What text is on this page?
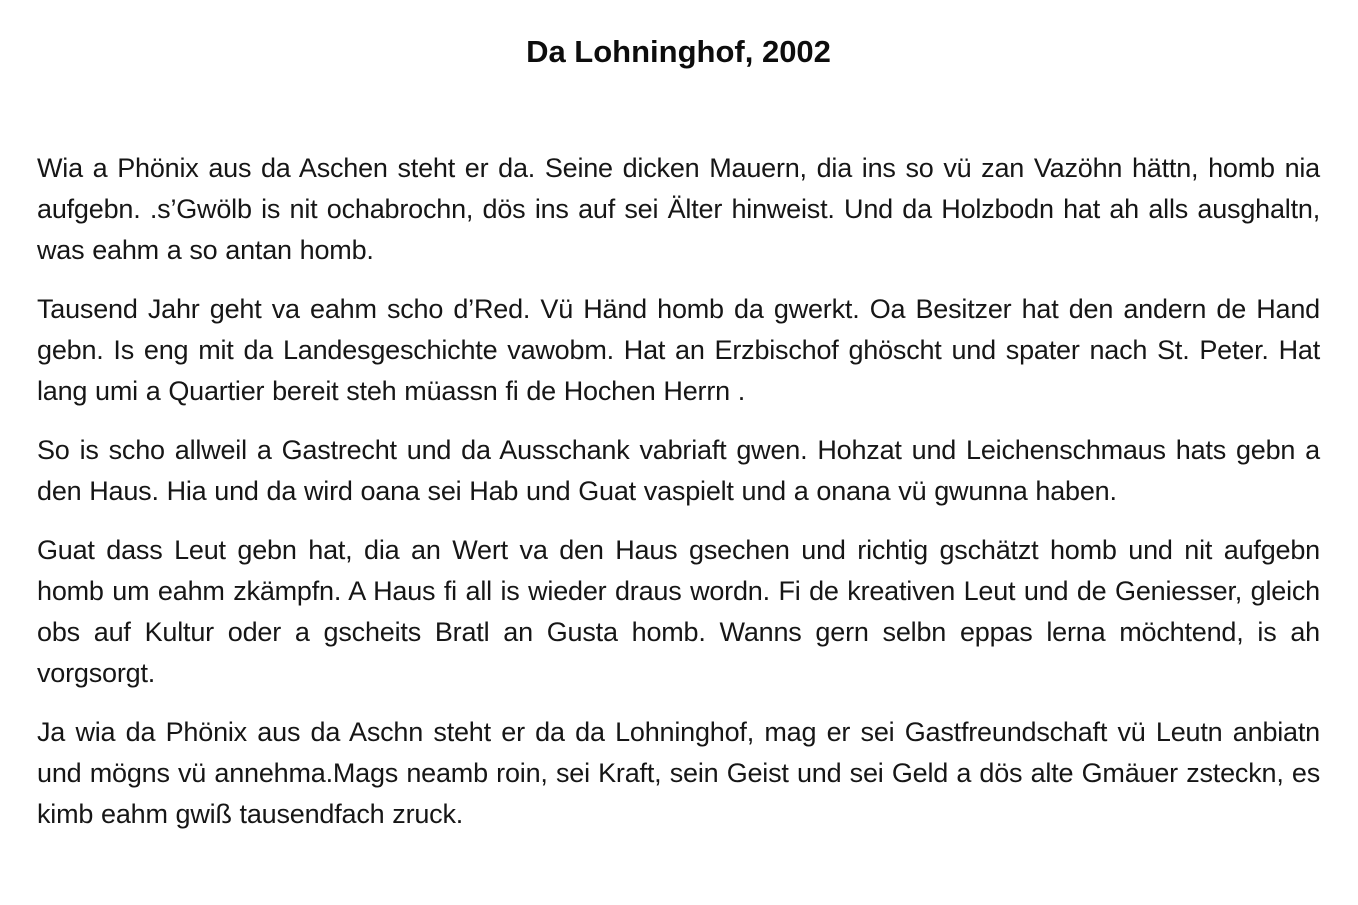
Da Lohninghof, 2002

Wia a Phönix aus da Aschen steht er da. Seine dicken Mauern, dia ins so vü zan Vazöhn hättn, homb nia aufgebn. .s’Gwölb is nit ochabrochn, dös ins auf sei Älter hinweist. Und da Holzbodn hat ah alls ausghaltn, was eahm a so antan homb.

Tausend Jahr geht va eahm scho d’Red. Vü Händ homb da gwerkt. Oa Besitzer hat den andern de Hand gebn. Is eng mit da Landesgeschichte vawobm. Hat an Erzbischof ghöscht und spater nach St. Peter. Hat lang umi a Quartier bereit steh müassn fi de Hochen Herrn .

So is scho allweil a Gastrecht und da Ausschank vabriaft gwen. Hohzat und Leichenschmaus hats gebn a den Haus. Hia und da wird oana sei Hab und Guat vaspielt und a onana vü gwunna haben.

Guat dass Leut gebn hat, dia an Wert va den Haus gsechen und richtig gschätzt homb und nit aufgebn homb um eahm zkämpfn. A Haus fi all is wieder draus wordn. Fi de kreativen Leut und de Geniesser, gleich obs auf Kultur oder a gscheits Bratl an Gusta homb. Wanns gern selbn eppas lerna möchtend, is ah vorgsorgt.

Ja wia da Phönix aus da Aschn steht er da da Lohninghof, mag er sei Gastfreundschaft vü Leutn anbiatn und mögns vü annehma.Mags neamb roin, sei Kraft, sein Geist und sei Geld a dös alte Gmäuer zsteckn, es kimb eahm gwiß tausendfach zruck.
